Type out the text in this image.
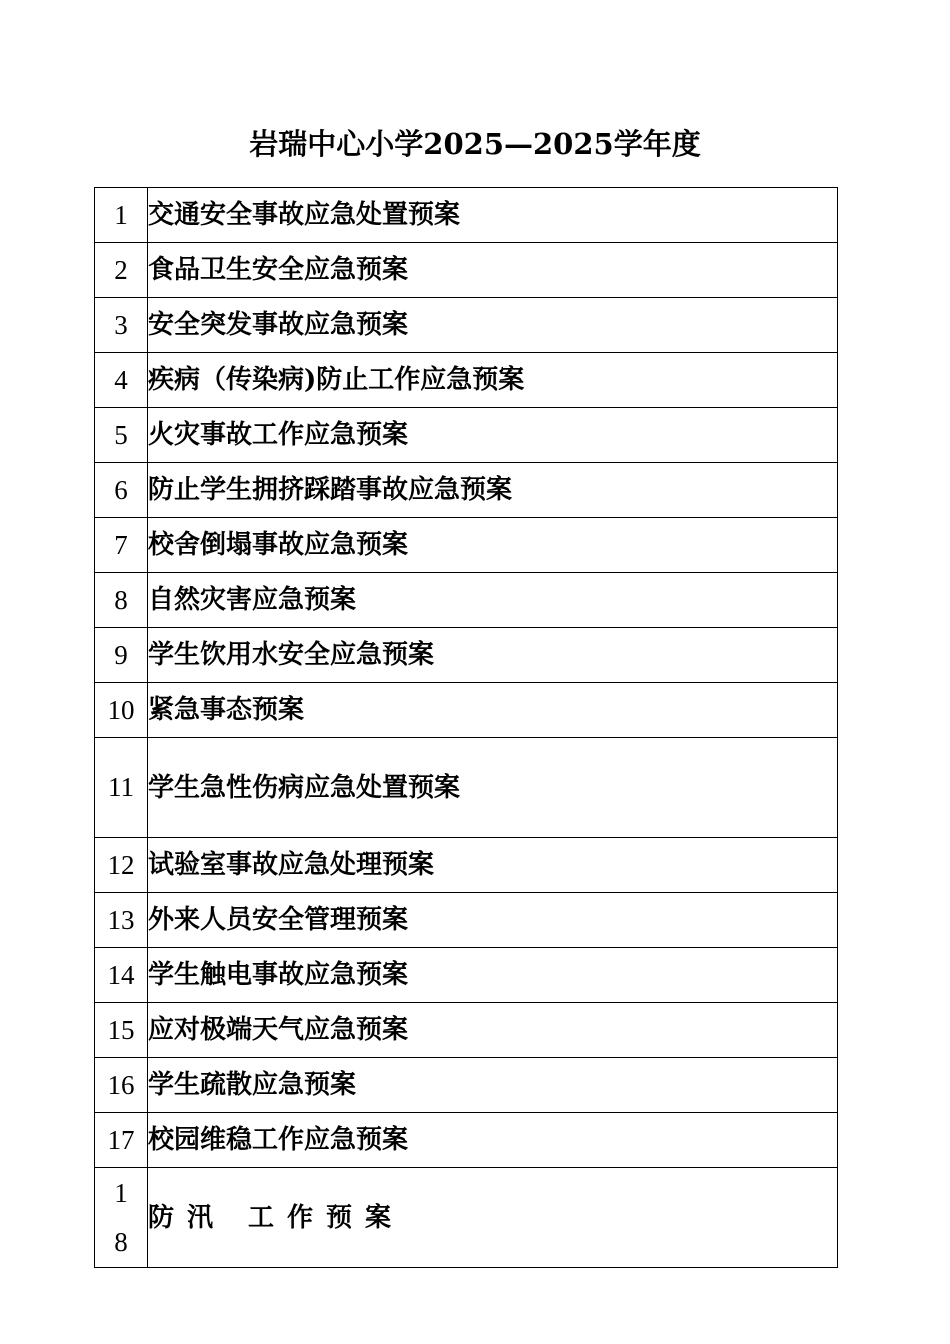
岩瑞中心小学2025—2025学年度
1	交通安全事故应急处置预案
2	食品卫生安全应急预案
3	安全突发事故应急预案
4	疾病（传染病)防止工作应急预案
5	火灾事故工作应急预案
6	防止学生拥挤踩踏事故应急预案
7	校舍倒塌事故应急预案
8	自然灾害应急预案
9	学生饮用水安全应急预案
10	紧急事态预案
11	学生急性伤病应急处置预案
12	试验室事故应急处理预案
13	外来人员安全管理预案
14	学生触电事故应急预案
15	应对极端天气应急预案
16	学生疏散应急预案
17	校园维稳工作应急预案
18	防汛 工作预案
